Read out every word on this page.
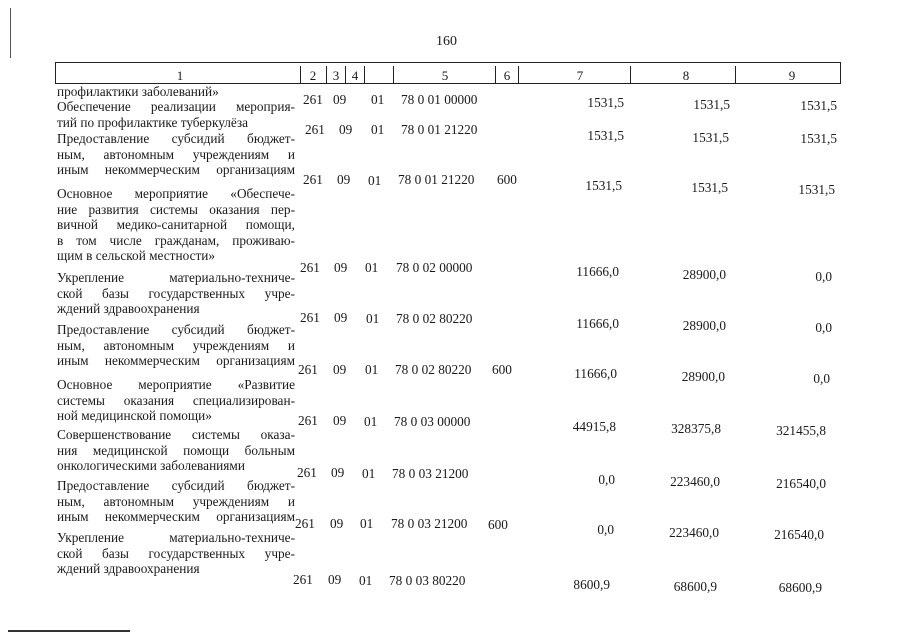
160
1	2	3 4	5	6	7	8	9
профилактики заболеваний»
Обеспечение реализации мероприя-
тий по профилактике туберкулёза
261 09 01 78 0 01 00000	1531,5	1531,5	1531,5
Предоставление субсидий бюджет-
ным, автономным учреждениям и
иным некоммерческим организациям
261 09 01 78 0 01 21220	1531,5	1531,5	1531,5
Основное мероприятие «Обеспече-
ние развития системы оказания пер-
вичной медико-санитарной помощи,
в том числе гражданам, проживаю-
щим в сельской местности»
261 09 01 78 0 01 21220 600	1531,5	1531,5	1531,5
Укрепление материально-техниче-
ской базы государственных учре-
ждений здравоохранения
261 09 01 78 0 02 00000	11666,0	28900,0	0,0
Предоставление субсидий бюджет-
ным, автономным учреждениям и
иным некоммерческим организациям
261 09 01 78 0 02 80220	11666,0	28900,0	0,0
Основное мероприятие «Развитие
системы оказания специализирован-
ной медицинской помощи»
261 09 01 78 0 02 80220 600	11666,0	28900,0	0,0
Совершенствование системы оказа-
ния медицинской помощи больным
онкологическими заболеваниями
261 09 01 78 0 03 00000	44915,8	328375,8	321455,8
Предоставление субсидий бюджет-
ным, автономным учреждениям и
иным некоммерческим организациям
261 09 01 78 0 03 21200	0,0	223460,0	216540,0
Укрепление материально-техниче-
ской базы государственных учре-
ждений здравоохранения
261 09 01 78 0 03 21200 600	0,0	223460,0	216540,0
261 09 01 78 0 03 80220	8600,9	68600,9	68600,9
